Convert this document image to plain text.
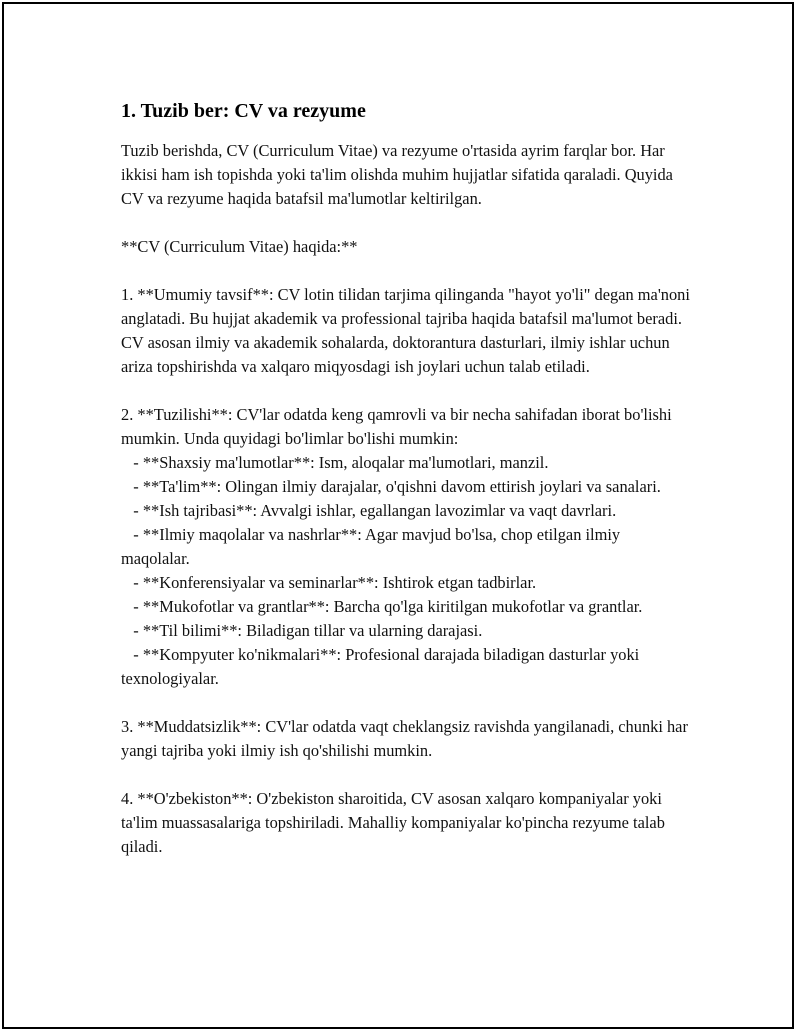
1. Tuzib ber: CV va rezyume

Tuzib berishda, CV (Curriculum Vitae) va rezyume o'rtasida ayrim farqlar bor. Har ikkisi ham ish topishda yoki ta'lim olishda muhim hujjatlar sifatida qaraladi. Quyida CV va rezyume haqida batafsil ma'lumotlar keltirilgan.

**CV (Curriculum Vitae) haqida:**

1. **Umumiy tavsif**: CV lotin tilidan tarjima qilinganda "hayot yo'li" degan ma'noni anglatadi. Bu hujjat akademik va professional tajriba haqida batafsil ma'lumot beradi. CV asosan ilmiy va akademik sohalarda, doktorantura dasturlari, ilmiy ishlar uchun ariza topshirishda va xalqaro miqyosdagi ish joylari uchun talab etiladi.

2. **Tuzilishi**: CV'lar odatda keng qamrovli va bir necha sahifadan iborat bo'lishi mumkin. Unda quyidagi bo'limlar bo'lishi mumkin:
- **Shaxsiy ma'lumotlar**: Ism, aloqalar ma'lumotlari, manzil.
- **Ta'lim**: Olingan ilmiy darajalar, o'qishni davom ettirish joylari va sanalari.
- **Ish tajribasi**: Avvalgi ishlar, egallangan lavozimlar va vaqt davrlari.
- **Ilmiy maqolalar va nashrlar**: Agar mavjud bo'lsa, chop etilgan ilmiy maqolalar.
- **Konferensiyalar va seminarlar**: Ishtirok etgan tadbirlar.
- **Mukofotlar va grantlar**: Barcha qo'lga kiritilgan mukofotlar va grantlar.
- **Til bilimi**: Biladigan tillar va ularning darajasi.
- **Kompyuter ko'nikmalari**: Profesional darajada biladigan dasturlar yoki texnologiyalar.

3. **Muddatsizlik**: CV'lar odatda vaqt cheklangsiz ravishda yangilanadi, chunki har yangi tajriba yoki ilmiy ish qo'shilishi mumkin.

4. **O'zbekiston**: O'zbekiston sharoitida, CV asosan xalqaro kompaniyalar yoki ta'lim muassasalariga topshiriladi. Mahalliy kompaniyalar ko'pincha rezyume talab qiladi.
